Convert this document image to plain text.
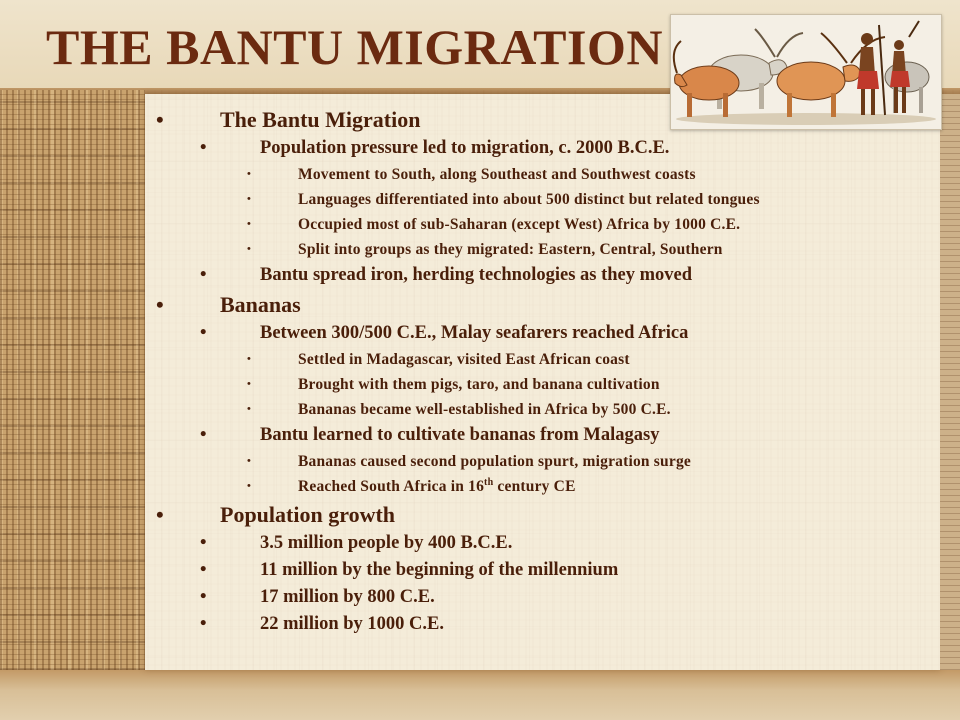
THE BANTU MIGRATION
•	The Bantu Migration
•	Population pressure led to migration, c. 2000 B.C.E.
•	Movement to South, along Southeast and Southwest coasts
•	Languages differentiated into about 500 distinct but related tongues
•	Occupied most of sub-Saharan (except West) Africa by 1000 C.E.
•	Split into groups as they migrated: Eastern, Central, Southern
•	Bantu spread iron, herding technologies as they moved
•	Bananas
•	Between 300/500 C.E., Malay seafarers reached Africa
•	Settled in Madagascar, visited East African coast
•	Brought with them pigs, taro, and banana cultivation
•	Bananas became well-established in Africa by 500 C.E.
•	Bantu learned to cultivate bananas from Malagasy
•	Bananas caused second population spurt, migration surge
•	Reached South Africa in 16th century CE
•	Population growth
•	3.5 million people by 400 B.C.E.
•	11 million by the beginning of the millennium
•	17 million by 800 C.E.
•	22 million by 1000 C.E.
